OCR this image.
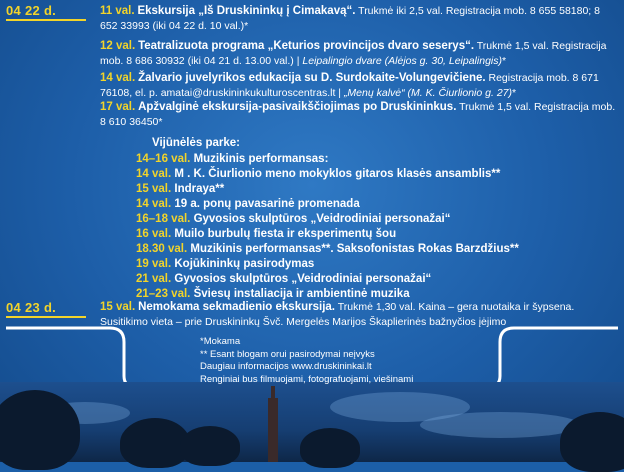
04 22 d.	11 val. Ekskursija „Iš Druskininkų į Cimakavą“. Trukmė iki 2,5 val. Registracija mob. 8 655 58180; 8 652 33993 (iki 04 22 d. 10 val.)*
12 val. Teatralizuota programa „Keturios provincijos dvaro seserys“. Trukmė 1,5 val. Registracija mob. 8 686 30932 (iki 04 21 d. 13.00 val.) | Leipalingio dvare (Alėjos g. 30, Leipalingis)*
14 val. Žalvario juvelyrikos edukacija su D. Surdokaite-Volungevičiene. Registracija mob. 8 671 76108, el. p. amatai@druskininkukulturoscentras.lt | „Menų kalvė“ (M. K. Čiurlionio g. 27)*
17 val. Apžvalginė ekskursija-pasivaikščiojimas po Druskininkus. Trukmė 1,5 val. Registracija mob. 8 610 36450*
Vijūnėlės parke:
14–16 val. Muzikinis performansas:
14 val. M . K. Čiurlionio meno mokyklos gitaros klasės ansamblis**
15 val. Indraya**
14 val. 19 a. ponų pavasarinė promenada
16–18 val. Gyvosios skulptūros „Veidrodiniai personažai“
16 val. Muilo burbulų fiesta ir eksperimentų šou
18.30 val. Muzikinis performansas**. Saksofonistas Rokas Barzdžius**
19 val. Kojūkininkų pasirodymas
21 val. Gyvosios skulptūros „Veidrodiniai personažai“
21–23 val. Šviesų instaliacija ir ambientinė muzika
04 23 d.	15 val. Nemokama sekmadienio ekskursija. Trukmė 1,30 val. Kaina – gera nuotaika ir šypsena. Susitikimo vieta – prie Druskininkų Švč. Mergelės Marijos Škaplierinės bažnyčios įėjimo
*Mokama
** Esant blogam orui pasirodymai neįvyks
Daugiau informacijos www.druskininkai.lt
Renginiai bus filmuojami, fotografuojami, viešinami
